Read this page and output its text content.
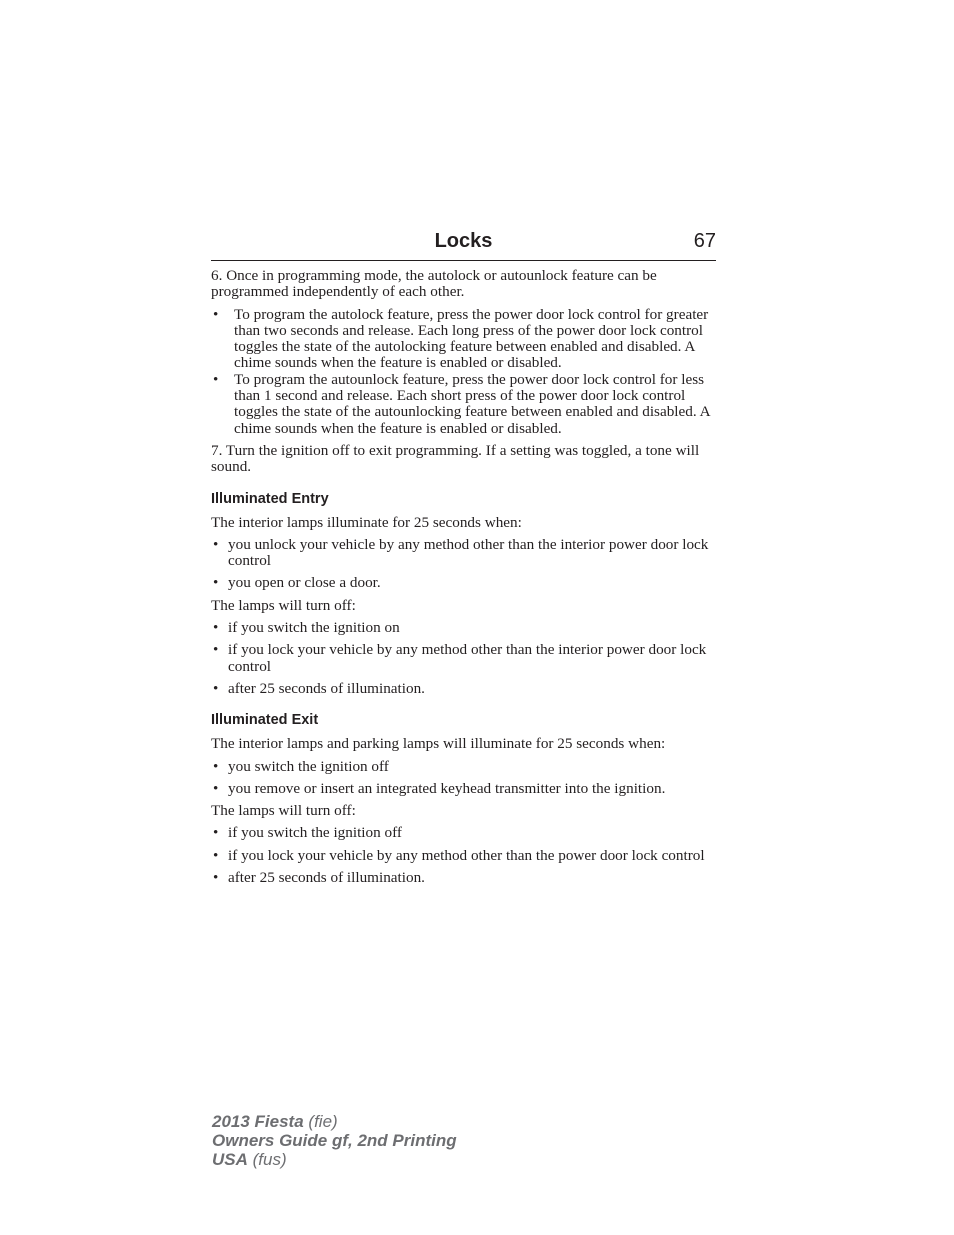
Locks	67

6. Once in programming mode, the autolock or autounlock feature can be programmed independently of each other.

• To program the autolock feature, press the power door lock control for greater than two seconds and release. Each long press of the power door lock control toggles the state of the autolocking feature between enabled and disabled. A chime sounds when the feature is enabled or disabled.
• To program the autounlock feature, press the power door lock control for less than 1 second and release. Each short press of the power door lock control toggles the state of the autounlocking feature between enabled and disabled. A chime sounds when the feature is enabled or disabled.

7. Turn the ignition off to exit programming. If a setting was toggled, a tone will sound.

Illuminated Entry

The interior lamps illuminate for 25 seconds when:

• you unlock your vehicle by any method other than the interior power door lock control
• you open or close a door.

The lamps will turn off:

• if you switch the ignition on
• if you lock your vehicle by any method other than the interior power door lock control
• after 25 seconds of illumination.
Illuminated Exit

The interior lamps and parking lamps will illuminate for 25 seconds when:

• you switch the ignition off
• you remove or insert an integrated keyhead transmitter into the ignition.

The lamps will turn off:

• if you switch the ignition off
• if you lock your vehicle by any method other than the power door lock control
• after 25 seconds of illumination.
2013 Fiesta (fie)
Owners Guide gf, 2nd Printing
USA (fus)
